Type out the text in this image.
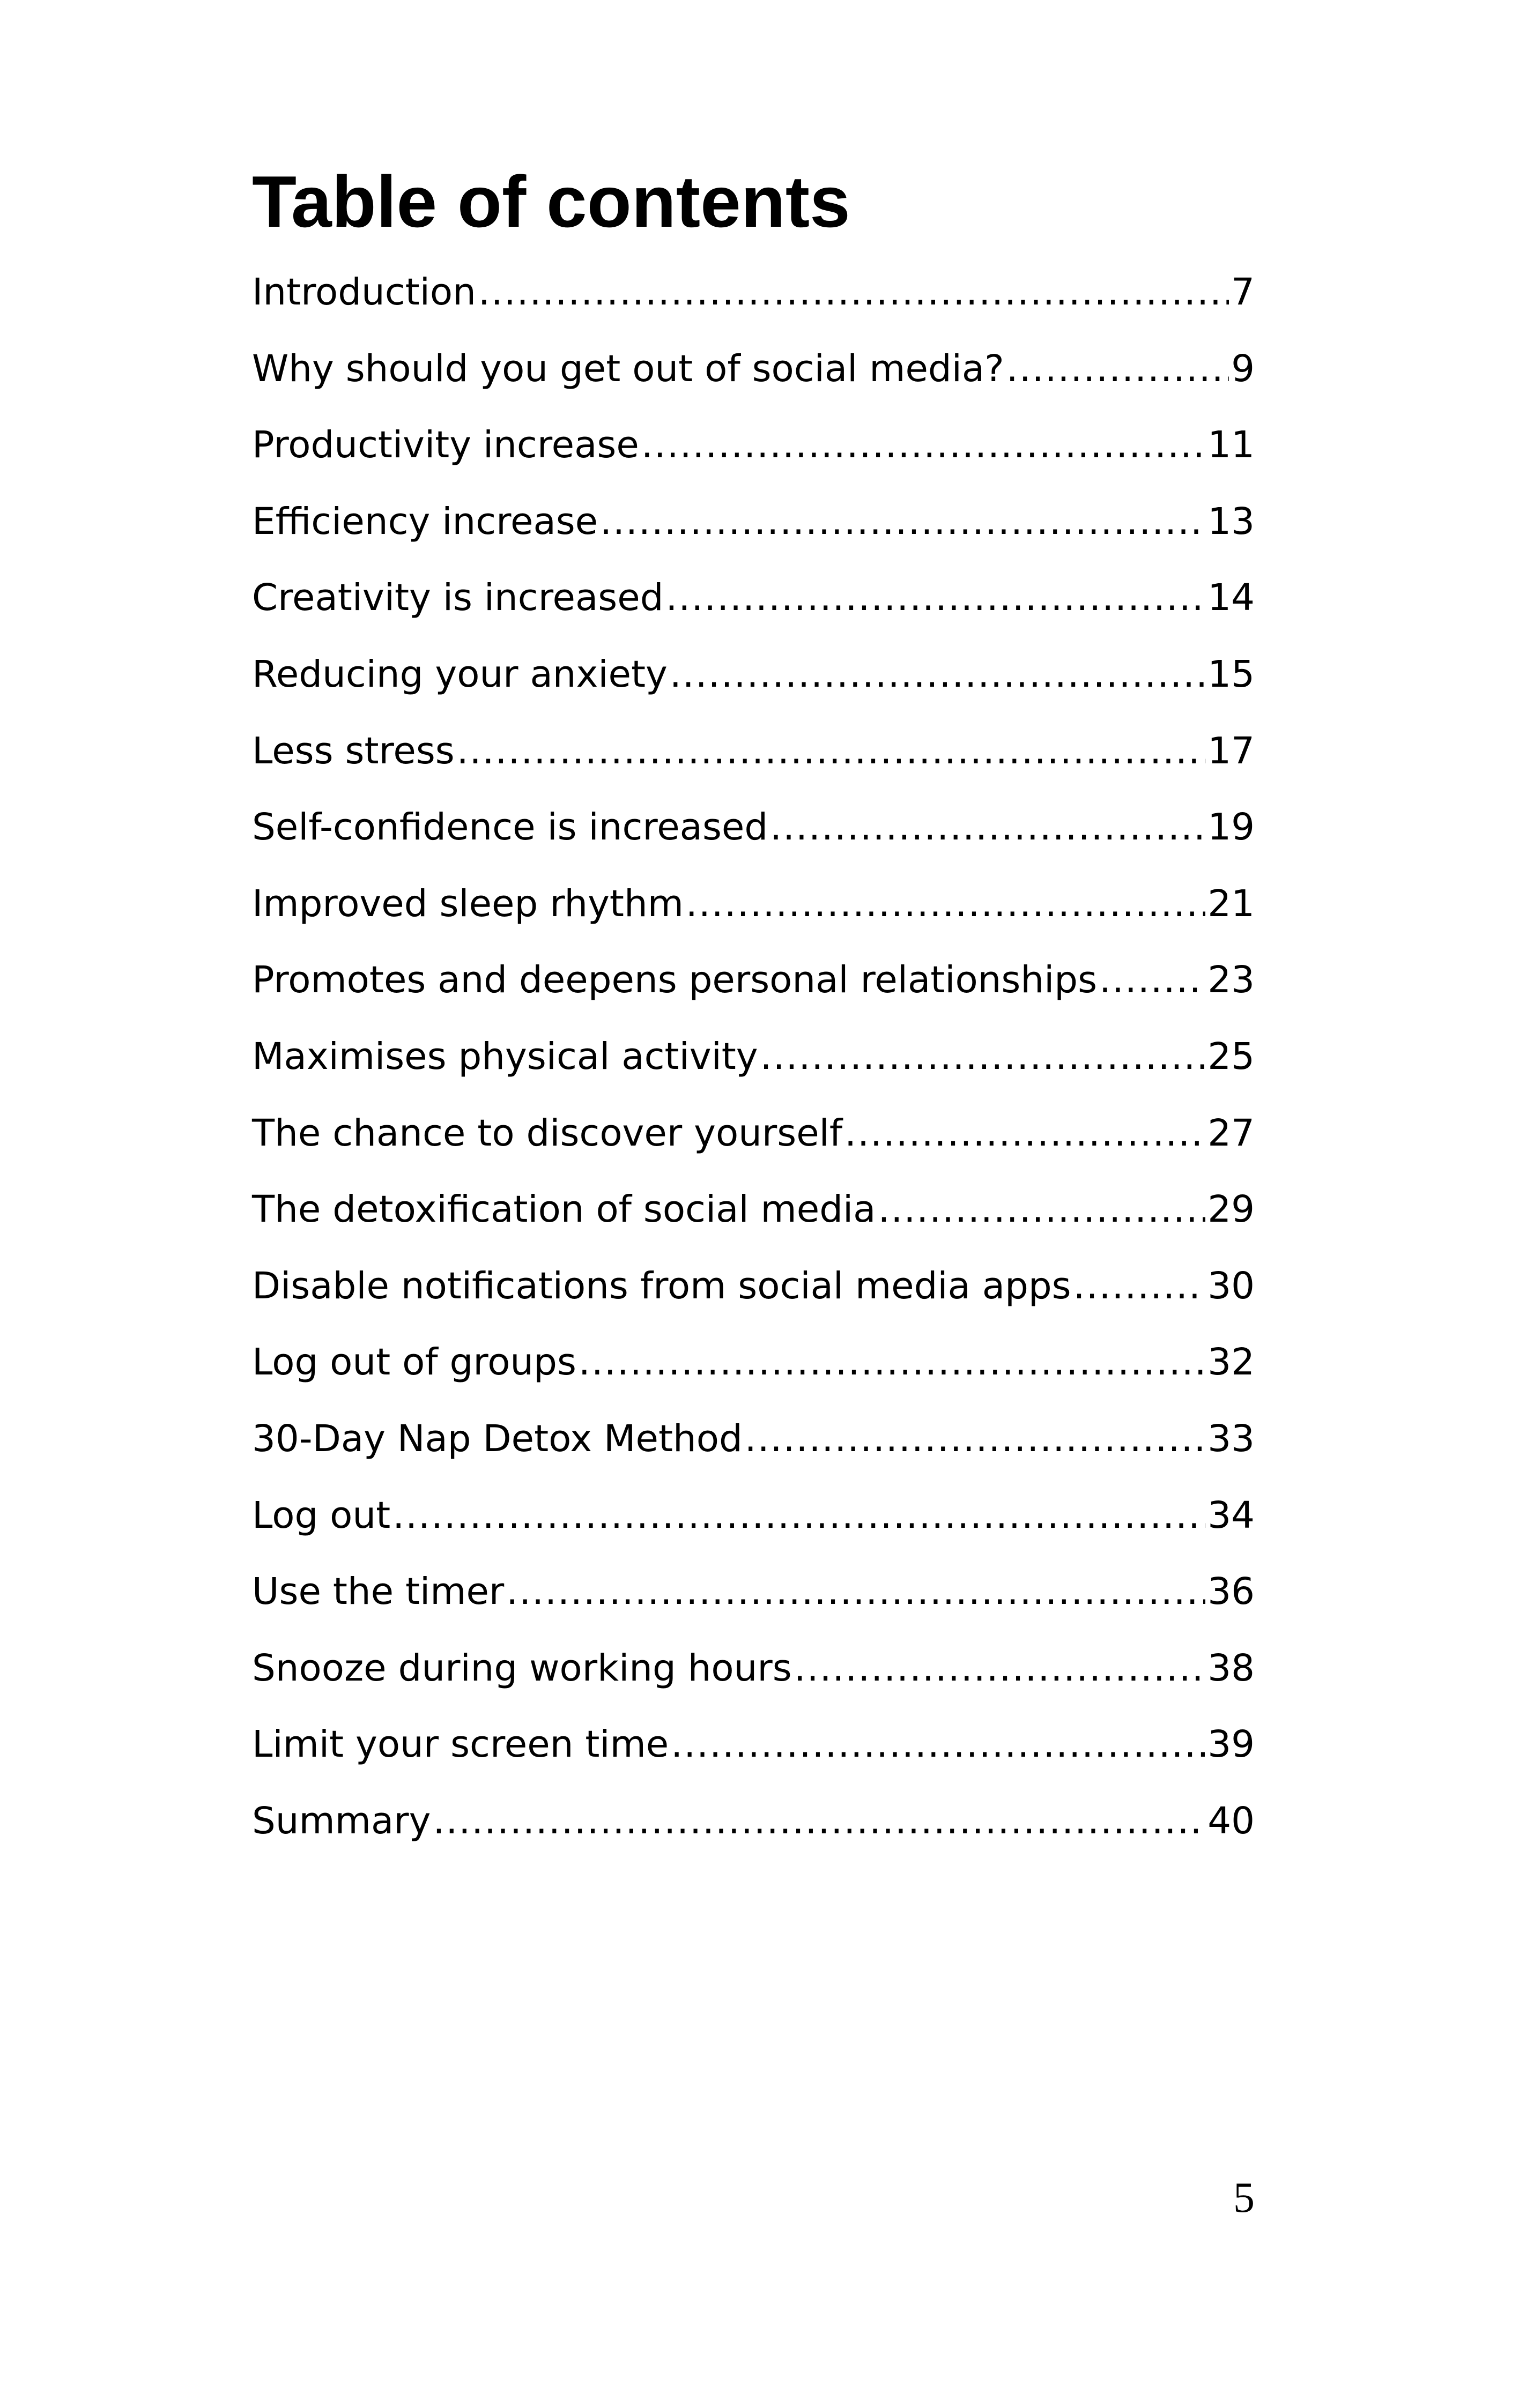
Table of contents
Introduction .....	7
Why should you get out of social media? .....	9
Productivity increase .....	11
Efficiency increase .....	13
Creativity is increased .....	14
Reducing your anxiety .....	15
Less stress .....	17
Self-confidence is increased .....	19
Improved sleep rhythm .....	21
Promotes and deepens personal relationships .....	23
Maximises physical activity .....	25
The chance to discover yourself .....	27
The detoxification of social media .....	29
Disable notifications from social media apps .....	30
Log out of groups .....	32
30-Day Nap Detox Method .....	33
Log out .....	34
Use the timer .....	36
Snooze during working hours .....	38
Limit your screen time .....	39
Summary .....	40
5
